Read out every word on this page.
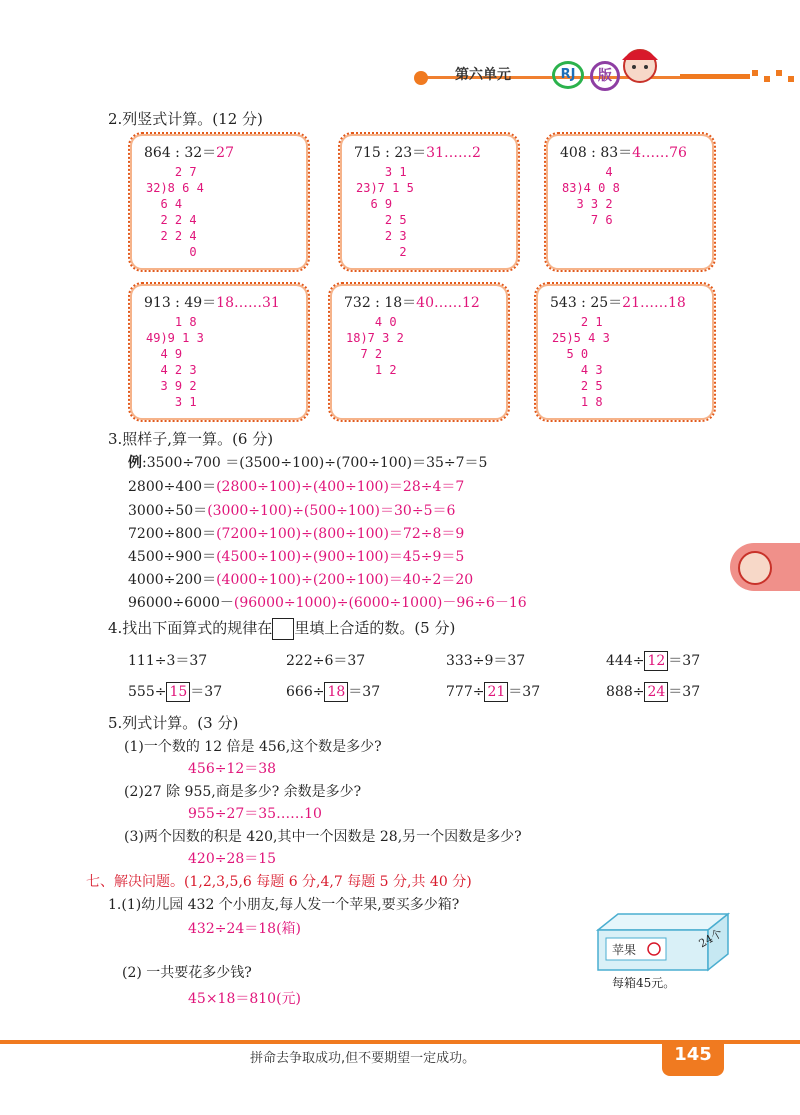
第六单元	RJ	版
2.列竖式计算。(12 分)
864 : 32＝27
2 7
32)8 6 4
6 4
2 2 4
2 2 4
0
715 : 23＝31……2
3 1
23)7 1 5
6 9
2 5
2 3
2
408 : 83＝4……76
4
83)4 0 8
3 3 2
7 6
913 : 49＝18……31
1 8
49)9 1 3
4 9
4 2 3
3 9 2
3 1
732 : 18＝40……12
4 0
18)7 3 2
7 2
1 2
543 : 25＝21……18
2 1
25)5 4 3
5 0
4 3
2 5
1 8
3.照样子,算一算。(6 分)
例:3500÷700 ＝(3500÷100)÷(700÷100)＝35÷7＝5
2800÷400＝(2800÷100)÷(400÷100)＝28÷4＝7
3000÷50＝(3000÷100)÷(500÷100)＝30÷5＝6
7200÷800＝(7200÷100)÷(800÷100)＝72÷8＝9
4500÷900＝(4500÷100)÷(900÷100)＝45÷9＝5
4000÷200＝(4000÷100)÷(200÷100)＝40÷2＝20
96000÷6000－(96000÷1000)÷(6000÷1000)－96÷6－16
4.找出下面算式的规律在 里填上合适的数。(5 分)
111÷3＝37	222÷6＝37	333÷9＝37	444÷ 12 ＝37
555÷ 15 ＝37	666÷ 18 ＝37	777÷ 21 ＝37	888÷ 24 ＝37
5.列式计算。(3 分)
(1)一个数的 12 倍是 456,这个数是多少?
456÷12＝38
(2)27 除 955,商是多少? 余数是多少?
955÷27＝35……10
(3)两个因数的积是 420,其中一个因数是 28,另一个因数是多少?
420÷28＝15
七、解决问题。(1,2,3,5,6 每题 6 分,4,7 每题 5 分,共 40 分)
1.(1)幼儿园 432 个小朋友,每人发一个苹果,要买多少箱?
432÷24＝18(箱)
(2) 一共要花多少钱?
45×18＝810(元)
苹果	24个
每箱45元。
拼命去争取成功,但不要期望一定成功。	145
